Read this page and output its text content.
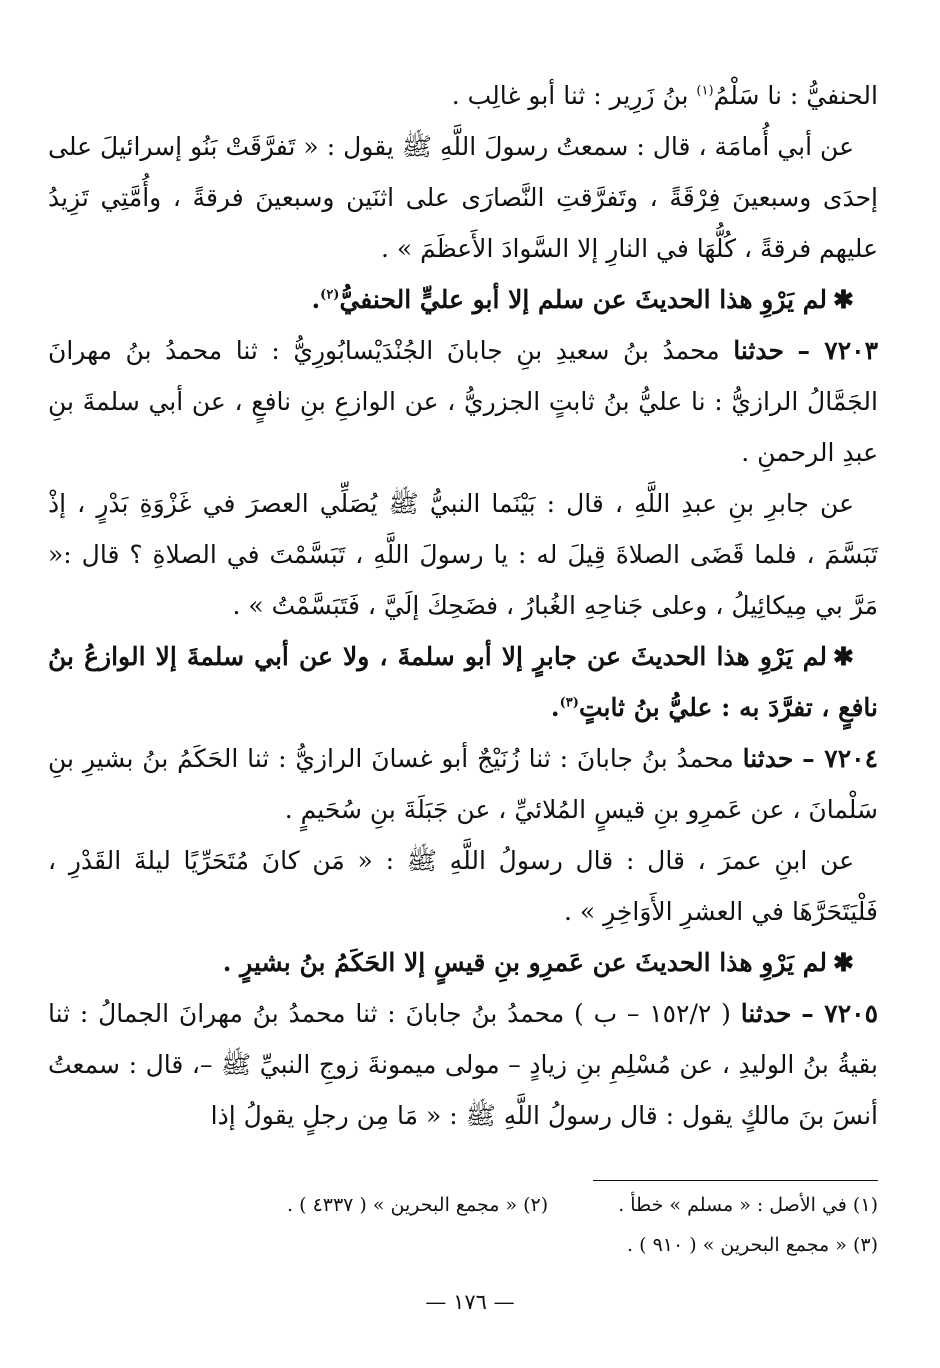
الحنفيُّ : نا سَلْمُ$^{(١)}$ بنُ زَرِير : ثنا أبو غالِب .

عن أبي أُمامَة ، قال : سمعتُ رسولَ اللَّهِ ﷺ يقول : « تَفرَّقَتْ بَنُو إسرائيلَ على إحدَى وسبعينَ فِرْقَةً ، وتَفرَّقتِ النَّصارَى على اثنَين وسبعينَ فرقةً ، وأُمَّتِي تَزِيدُ عليهم فرقةً ، كُلُّهَا في النارِ إلا السَّوادَ الأَعظَمَ » .

✱لم يَرْوِ هذا الحديثَ عن سلم إلا أبو عليٍّ الحنفيُّ$^{(٢)}$.

٧٢٠٣ – حدثنا محمدُ بنُ سعيدِ بنِ جابانَ الجُنْدَيْسابُورِيُّ : ثنا محمدُ بنُ مهرانَ الجَمَّالُ الرازيُّ : نا عليُّ بنُ ثابتٍ الجزريُّ ، عن الوازعِ بنِ نافعٍ ، عن أبي سلمةَ بنِ عبدِ الرحمنِ .

عن جابرِ بنِ عبدِ اللَّهِ ، قال : بَيْنَما النبيُّ ﷺ يُصَلِّي العصرَ في غَزْوَةِ بَدْرٍ ، إذْ تَبَسَّمَ ، فلما قَضَى الصلاةَ قِيلَ له : يا رسولَ اللَّهِ ، تَبَسَّمْتَ في الصلاةِ ؟ قال :« مَرَّ بي مِيكائِيلُ ، وعلى جَناحِهِ الغُبارُ ، فضَحِكَ إلَيَّ ، فَتَبَسَّمْتُ » .

✱لم يَرْوِ هذا الحديثَ عن جابرٍ إلا أبو سلمةَ ، ولا عن أبي سلمةَ إلا الوازعُ بنُ نافعٍ ، تفرَّدَ به : عليُّ بنُ ثابتٍ$^{(٣)}$.

٧٢٠٤ – حدثنا محمدُ بنُ جابانَ : ثنا زُنَيْجٌ أبو غسانَ الرازيُّ : ثنا الحَكَمُ بنُ بشيرِ بنِ سَلْمانَ ، عن عَمرِو بنِ قيسٍ المُلائيِّ ، عن جَبَلَةَ بنِ سُحَيمٍ .

عن ابنِ عمرَ ، قال : قال رسولُ اللَّهِ ﷺ : « مَن كانَ مُتَحَرِّيًا ليلةَ القَدْرِ ، فَلْيَتَحَرَّهَا في العشرِ الأَوَاخِرِ » .

✱لم يَرْوِ هذا الحديثَ عن عَمرِو بنِ قيسٍ إلا الحَكَمُ بنُ بشيرٍ .

٧٢٠٥ – حدثنا ( ١٥٢/٢ – ب ) محمدُ بنُ جابانَ : ثنا محمدُ بنُ مهرانَ الجمالُ : ثنا بقيةُ بنُ الوليدِ ، عن مُسْلِمِ بنِ زيادٍ – مولى ميمونةَ زوجِ النبيِّ ﷺ –، قال : سمعتُ أنسَ بنَ مالكٍ يقول : قال رسولُ اللَّهِ ﷺ : « مَا مِن رجلٍ يقولُ إذا

(١) في الأصل : « مسلم » خطأ .
(٢) « مجمع البحرين » ( ٤٣٣٧ ) .
(٣) « مجمع البحرين » ( ٩١٠ ) .
— ١٧٦ —
